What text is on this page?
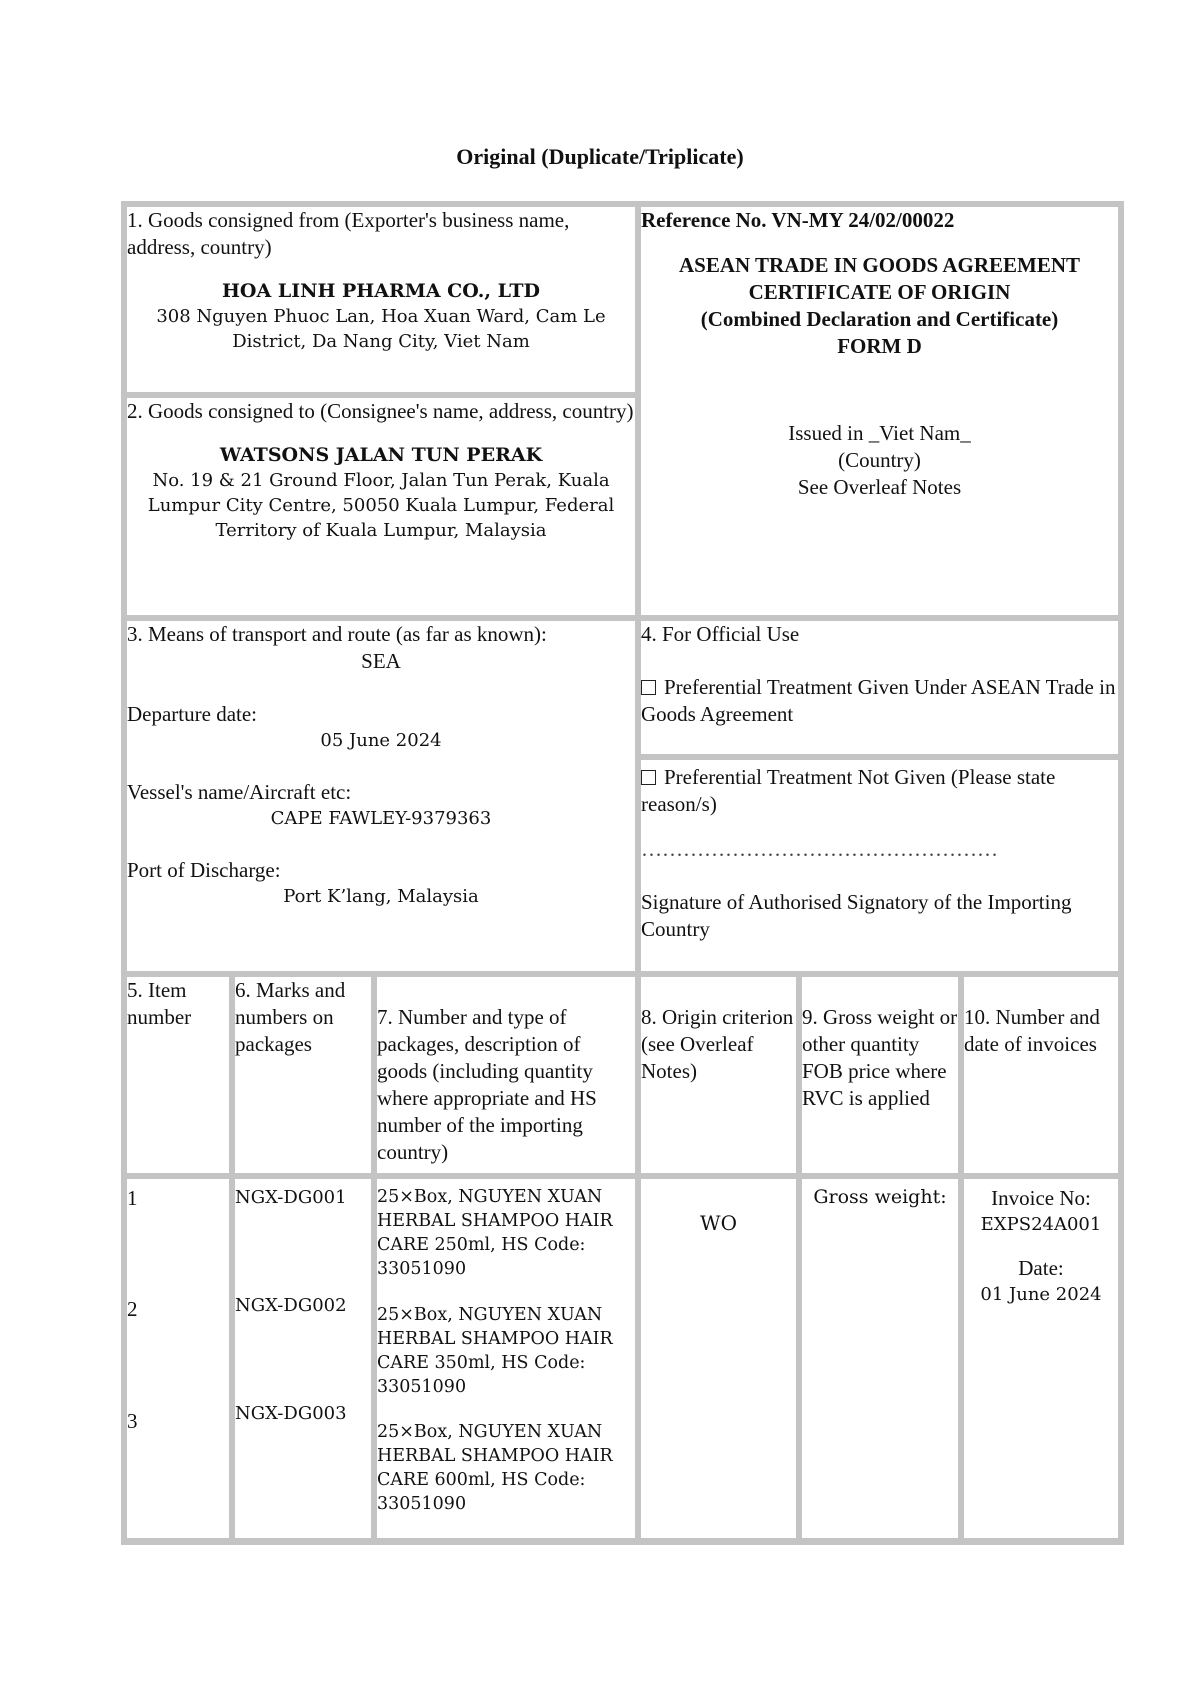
Original (Duplicate/Triplicate)
1. Goods consigned from (Exporter's business name, address, country)
HOA LINH PHARMA CO., LTD
308 Nguyen Phuoc Lan, Hoa Xuan Ward, Cam Le District, Da Nang City, Viet Nam
Reference No. VN-MY 24/02/00022
ASEAN TRADE IN GOODS AGREEMENT
CERTIFICATE OF ORIGIN
(Combined Declaration and Certificate)
FORM D
Issued in _Viet Nam_
(Country)
See Overleaf Notes
2. Goods consigned to (Consignee's name, address, country)
WATSONS JALAN TUN PERAK
No. 19 & 21 Ground Floor, Jalan Tun Perak, Kuala Lumpur City Centre, 50050 Kuala Lumpur, Federal Territory of Kuala Lumpur, Malaysia
3. Means of transport and route (as far as known):
SEA
Departure date:
05 June 2024
Vessel's name/Aircraft etc:
CAPE FAWLEY-9379363
Port of Discharge:
Port K’lang, Malaysia
4. For Official Use
Preferential Treatment Given Under ASEAN Trade in Goods Agreement
Preferential Treatment Not Given (Please state reason/s)
……………………………………………
Signature of Authorised Signatory of the Importing Country
5. Item number
6. Marks and numbers on packages
7. Number and type of packages, description of goods (including quantity where appropriate and HS number of the importing country)
8. Origin criterion (see Overleaf Notes)
9. Gross weight or other quantity FOB price where RVC is applied
10. Number and date of invoices
1
2
3
NGX-DG001
NGX-DG002
NGX-DG003
25×Box, NGUYEN XUAN HERBAL SHAMPOO HAIR CARE 250ml, HS Code: 33051090
25×Box, NGUYEN XUAN HERBAL SHAMPOO HAIR CARE 350ml, HS Code: 33051090
25×Box, NGUYEN XUAN HERBAL SHAMPOO HAIR CARE 600ml, HS Code: 33051090
WO
Gross weight:	Invoice No:
EXPS24A001
Date:
01 June 2024
